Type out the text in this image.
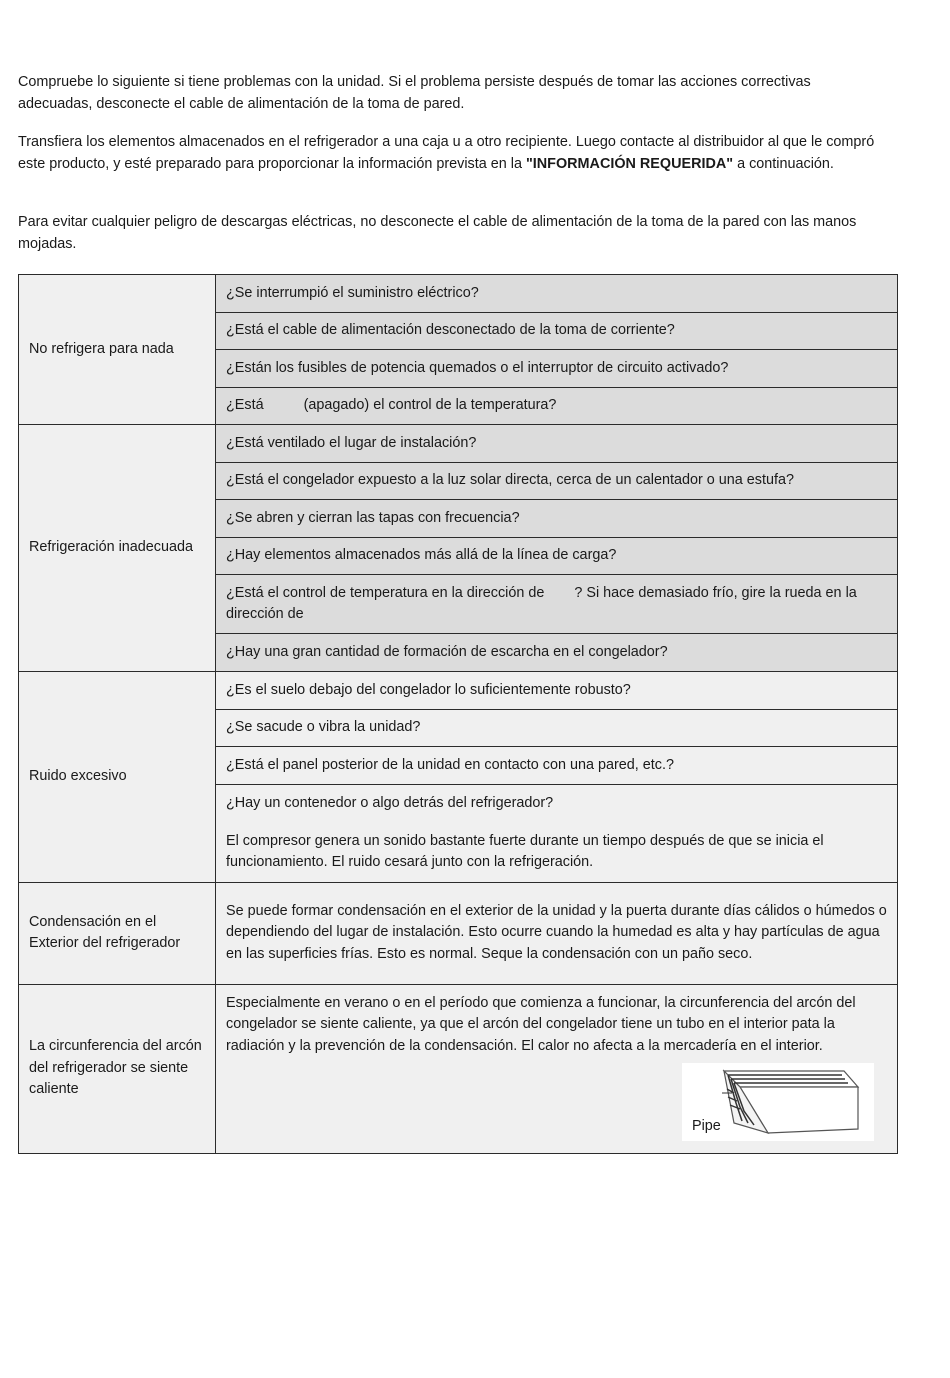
Compruebe lo siguiente si tiene problemas con la unidad. Si el problema persiste después de tomar las acciones correctivas adecuadas, desconecte el cable de alimentación de la toma de pared.

Transfiera los elementos almacenados en el refrigerador a una caja u a otro recipiente. Luego contacte al distribuidor al que le compró este producto, y esté preparado para proporcionar la información prevista en la "INFORMACIÓN REQUERIDA" a continuación.

Para evitar cualquier peligro de descargas eléctricas, no desconecte el cable de alimentación de la toma de la pared con las manos mojadas.

No refrigera para nada	¿Se interrumpió el suministro eléctrico?
	¿Está el cable de alimentación desconectado de la toma de corriente?
	¿Están los fusibles de potencia quemados o el interruptor de circuito activado?
	¿Está (apagado) el control de la temperatura?
Refrigeración inadecuada	¿Está ventilado el lugar de instalación?
	¿Está el congelador expuesto a la luz solar directa, cerca de un calentador o una estufa?
	¿Se abren y cierran las tapas con frecuencia?
	¿Hay elementos almacenados más allá de la línea de carga?
	¿Está el control de temperatura en la dirección de ? Si hace demasiado frío, gire la rueda en la dirección de
	¿Hay una gran cantidad de formación de escarcha en el congelador?
Ruido excesivo	¿Es el suelo debajo del congelador lo suficientemente robusto?
	¿Se sacude o vibra la unidad?
	¿Está el panel posterior de la unidad en contacto con una pared, etc.?

	¿Hay un contenedor o algo detrás del refrigerador?
El compresor genera un sonido bastante fuerte durante un tiempo después de que se inicia el funcionamiento. El ruido cesará junto con la refrigeración.

Condensación en el Exterior del refrigerador	Se puede formar condensación en el exterior de la unidad y la puerta durante días cálidos o húmedos o dependiendo del lugar de instalación. Esto ocurre cuando la humedad es alta y hay partículas de agua en las superficies frías. Esto es normal. Seque la condensación con un paño seco.
La circunferencia del arcón del refrigerador se siente caliente	Especialmente en verano o en el período que comienza a funcionar, la circunferencia del arcón del congelador se siente caliente, ya que el arcón del congelador tiene un tubo en el interior pata la radiación y la prevención de la condensación. El calor no afecta a la mercadería en el interior.
Pipe
